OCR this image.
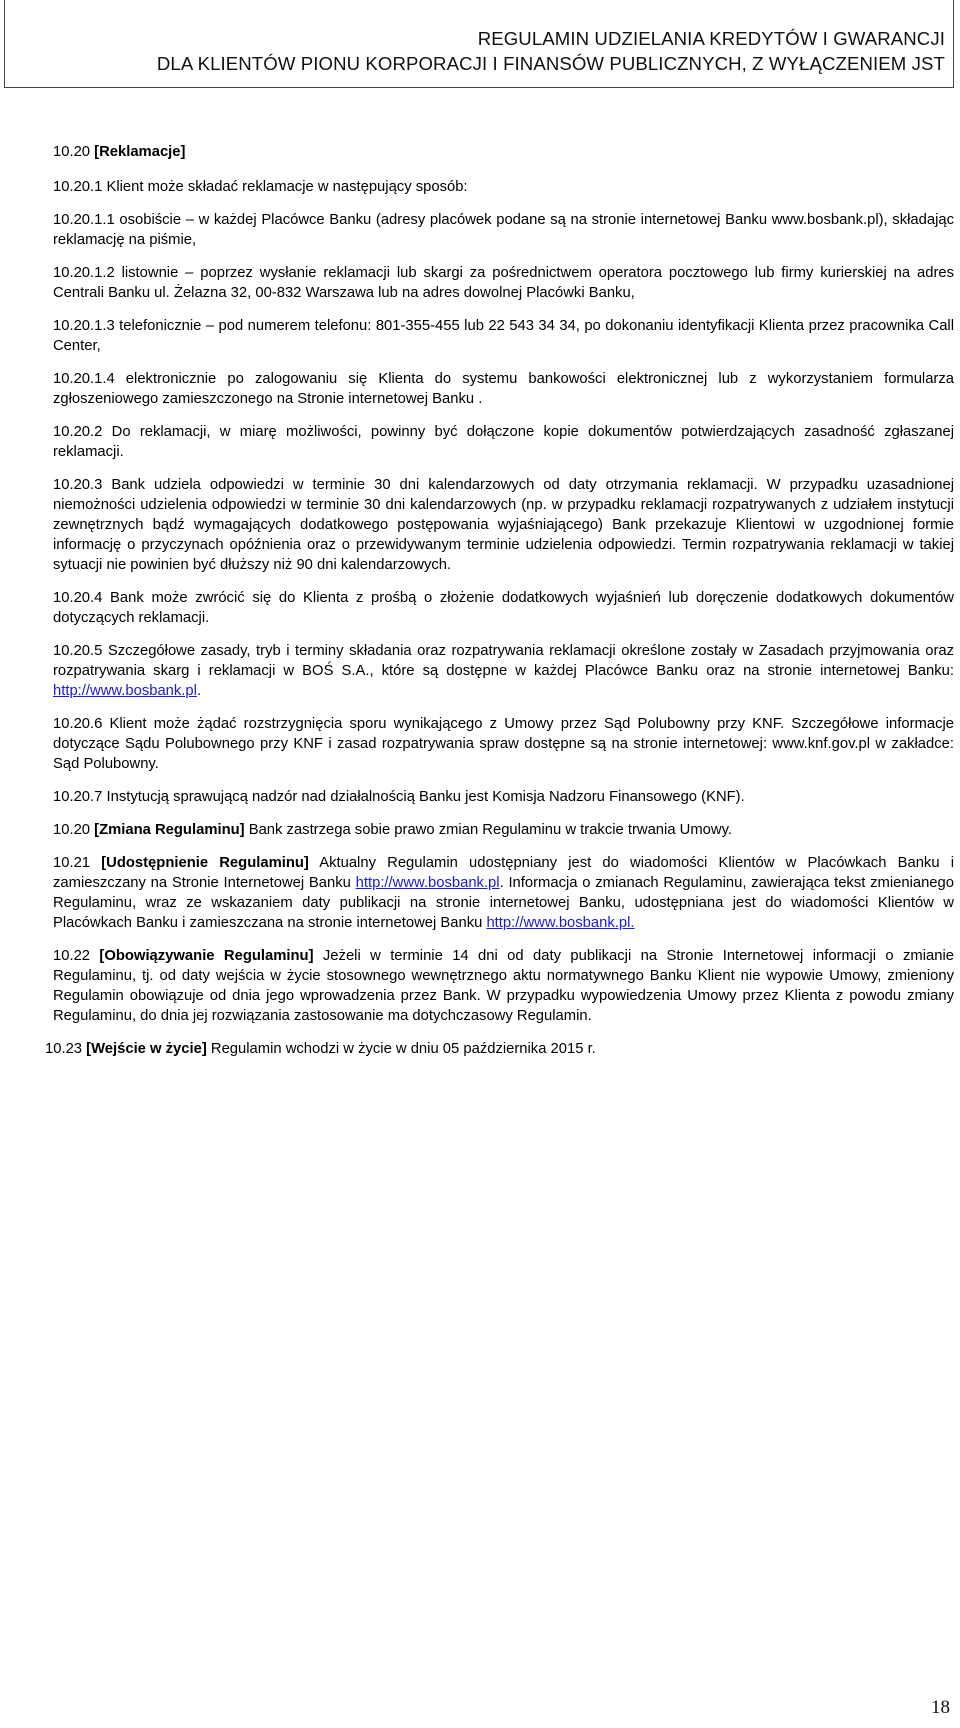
REGULAMIN UDZIELANIA KREDYTÓW I GWARANCJI
DLA KLIENTÓW PIONU KORPORACJI I FINANSÓW PUBLICZNYCH, Z WYŁĄCZENIEM JST

10.20 [Reklamacje]

10.20.1 Klient może składać reklamacje w następujący sposób:

10.20.1.1 osobiście – w każdej Placówce Banku (adresy placówek podane są na stronie internetowej Banku www.bosbank.pl), składając reklamację na piśmie,

10.20.1.2 listownie – poprzez wysłanie reklamacji lub skargi za pośrednictwem operatora pocztowego lub firmy kurierskiej na adres Centrali Banku ul. Żelazna 32, 00-832 Warszawa lub na adres dowolnej Placówki Banku,

10.20.1.3 telefonicznie – pod numerem telefonu: 801-355-455 lub 22 543 34 34, po dokonaniu identyfikacji Klienta przez pracownika Call Center,

10.20.1.4 elektronicznie po zalogowaniu się Klienta do systemu bankowości elektronicznej lub z wykorzystaniem formularza zgłoszeniowego zamieszczonego na Stronie internetowej Banku .

10.20.2 Do reklamacji, w miarę możliwości, powinny być dołączone kopie dokumentów potwierdzających zasadność zgłaszanej reklamacji.

10.20.3 Bank udziela odpowiedzi w terminie 30 dni kalendarzowych od daty otrzymania reklamacji. W przypadku uzasadnionej niemożności udzielenia odpowiedzi w terminie 30 dni kalendarzowych (np. w przypadku reklamacji rozpatrywanych z udziałem instytucji zewnętrznych bądź wymagających dodatkowego postępowania wyjaśniającego) Bank przekazuje Klientowi w uzgodnionej formie informację o przyczynach opóźnienia oraz o przewidywanym terminie udzielenia odpowiedzi. Termin rozpatrywania reklamacji w takiej sytuacji nie powinien być dłuższy niż 90 dni kalendarzowych.

10.20.4 Bank może zwrócić się do Klienta z prośbą o złożenie dodatkowych wyjaśnień lub doręczenie dodatkowych dokumentów dotyczących reklamacji.

10.20.5 Szczegółowe zasady, tryb i terminy składania oraz rozpatrywania reklamacji określone zostały w Zasadach przyjmowania oraz rozpatrywania skarg i reklamacji w BOŚ S.A., które są dostępne w każdej Placówce Banku oraz na stronie internetowej Banku: http://www.bosbank.pl.

10.20.6 Klient może żądać rozstrzygnięcia sporu wynikającego z Umowy przez Sąd Polubowny przy KNF. Szczegółowe informacje dotyczące Sądu Polubownego przy KNF i zasad rozpatrywania spraw dostępne są na stronie internetowej: www.knf.gov.pl w zakładce: Sąd Polubowny.

10.20.7 Instytucją sprawującą nadzór nad działalnością Banku jest Komisja Nadzoru Finansowego (KNF).

10.20 [Zmiana Regulaminu] Bank zastrzega sobie prawo zmian Regulaminu w trakcie trwania Umowy.

10.21 [Udostępnienie Regulaminu] Aktualny Regulamin udostępniany jest do wiadomości Klientów w Placówkach Banku i zamieszczany na Stronie Internetowej Banku http://www.bosbank.pl. Informacja o zmianach Regulaminu, zawierająca tekst zmienianego Regulaminu, wraz ze wskazaniem daty publikacji na stronie internetowej Banku, udostępniana jest do wiadomości Klientów w Placówkach Banku i zamieszczana na stronie internetowej Banku http://www.bosbank.pl.

10.22 [Obowiązywanie Regulaminu] Jeżeli w terminie 14 dni od daty publikacji na Stronie Internetowej informacji o zmianie Regulaminu, tj. od daty wejścia w życie stosownego wewnętrznego aktu normatywnego Banku Klient nie wypowie Umowy, zmieniony Regulamin obowiązuje od dnia jego wprowadzenia przez Bank. W przypadku wypowiedzenia Umowy przez Klienta z powodu zmiany Regulaminu, do dnia jej rozwiązania zastosowanie ma dotychczasowy Regulamin.

10.23 [Wejście w życie] Regulamin wchodzi w życie w dniu 05 października 2015 r.

18
